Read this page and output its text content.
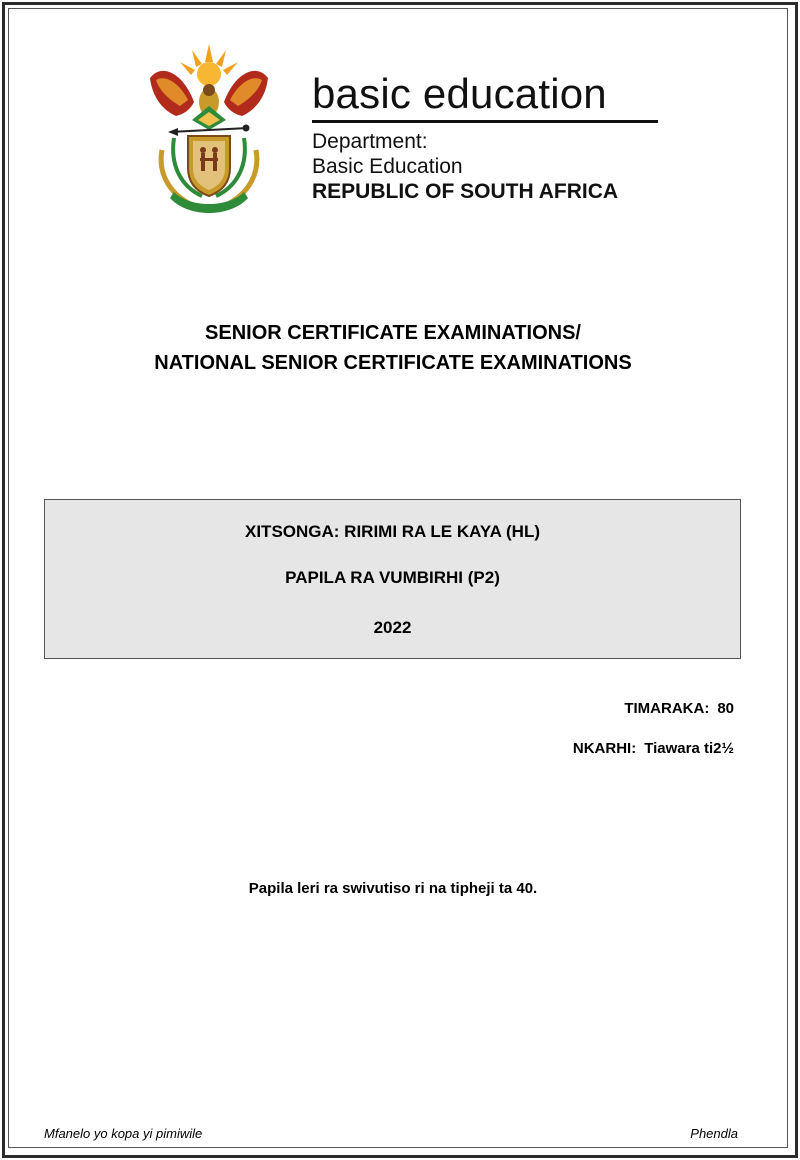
basic education
Department:
Basic Education
REPUBLIC OF SOUTH AFRICA
SENIOR CERTIFICATE EXAMINATIONS/
NATIONAL SENIOR CERTIFICATE EXAMINATIONS
XITSONGA: RIRIMI RA LE KAYA (HL)
PAPILA RA VUMBIRHI (P2)
2022
TIMARAKA: 80
NKARHI: Tiawara ti2½
Papila leri ra swivutiso ri na tipheji ta 40.
Mfanelo yo kopa yi pimiwile	Phendla
